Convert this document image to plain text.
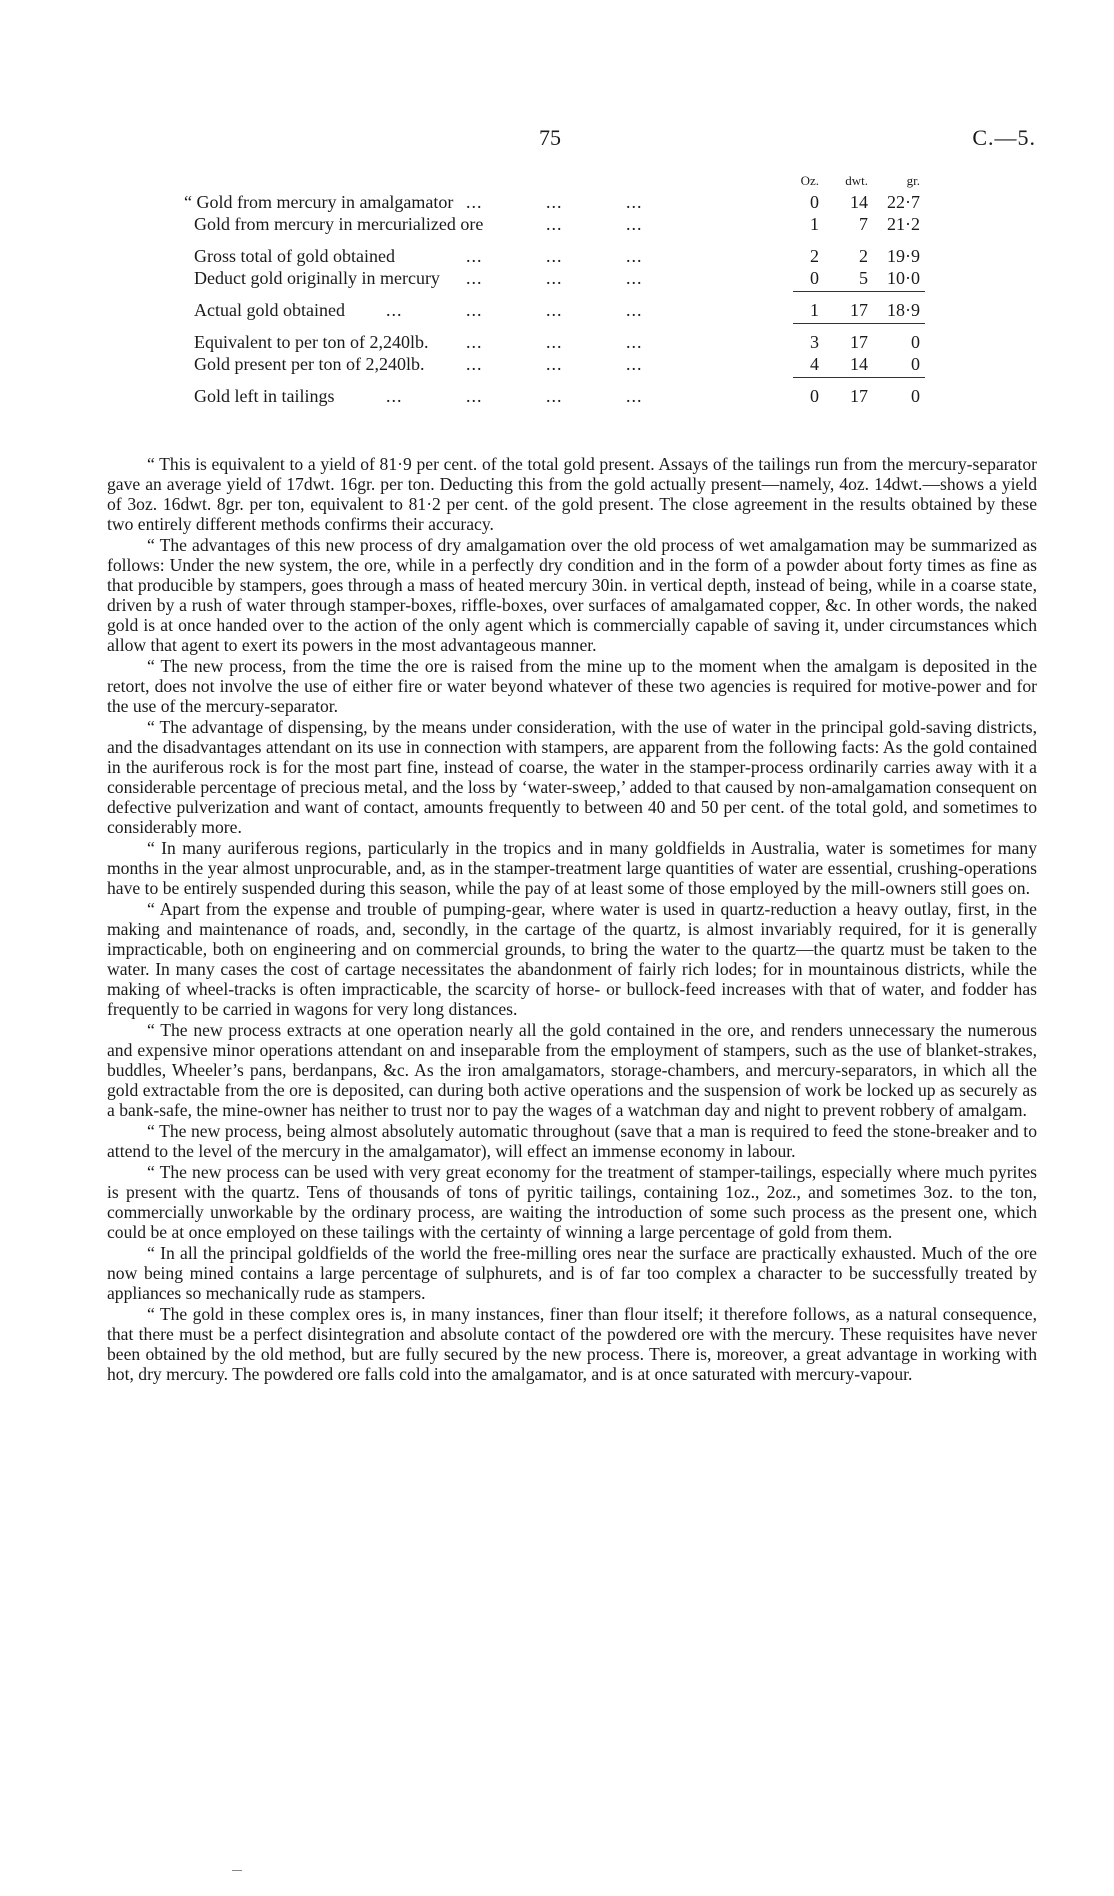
75	C.—5.
Oz.	dwt.	gr.
“ Gold from mercury in amalgamator ...	...	...	0	14	22·7
Gold from mercury in mercurialized ore	...	...	1	7	21·2
Gross total of gold obtained	...	...	...	2	2	19·9
Deduct gold originally in mercury ...	...	...	0	5	10·0
Actual gold obtained ...	...	...	...	1	17	18·9
Equivalent to per ton of 2,240lb. ...	...	...	3	17	0
Gold present per ton of 2,240lb. ...	...	...	4	14	0
Gold left in tailings	...	...	...	...	0	17	0

“ This is equivalent to a yield of 81·9 per cent. of the total gold present. Assays of the tailings run from the mercury-separator gave an average yield of 17dwt. 16gr. per ton. Deducting this from the gold actually present—namely, 4oz. 14dwt.—shows a yield of 3oz. 16dwt. 8gr. per ton, equivalent to 81·2 per cent. of the gold present. The close agreement in the results obtained by these two entirely different methods confirms their accuracy.

“ The advantages of this new process of dry amalgamation over the old process of wet amalgamation may be summarized as follows: Under the new system, the ore, while in a perfectly dry condition and in the form of a powder about forty times as fine as that producible by stampers, goes through a mass of heated mercury 30in. in vertical depth, instead of being, while in a coarse state, driven by a rush of water through stamper-boxes, riffle-boxes, over surfaces of amalgamated copper, &c. In other words, the naked gold is at once handed over to the action of the only agent which is commercially capable of saving it, under circumstances which allow that agent to exert its powers in the most advantageous manner.

“ The new process, from the time the ore is raised from the mine up to the moment when the amalgam is deposited in the retort, does not involve the use of either fire or water beyond whatever of these two agencies is required for motive-power and for the use of the mercury-separator.

“ The advantage of dispensing, by the means under consideration, with the use of water in the principal gold-saving districts, and the disadvantages attendant on its use in connection with stampers, are apparent from the following facts: As the gold contained in the auriferous rock is for the most part fine, instead of coarse, the water in the stamper-process ordinarily carries away with it a considerable percentage of precious metal, and the loss by ‘water-sweep,’ added to that caused by non-amalgamation consequent on defective pulverization and want of contact, amounts frequently to between 40 and 50 per cent. of the total gold, and sometimes to considerably more.

“ In many auriferous regions, particularly in the tropics and in many goldfields in Australia, water is sometimes for many months in the year almost unprocurable, and, as in the stamper-treatment large quantities of water are essential, crushing-operations have to be entirely suspended during this season, while the pay of at least some of those employed by the mill-owners still goes on.

“ Apart from the expense and trouble of pumping-gear, where water is used in quartz-reduction a heavy outlay, first, in the making and maintenance of roads, and, secondly, in the cartage of the quartz, is almost invariably required, for it is generally impracticable, both on engineering and on commercial grounds, to bring the water to the quartz—the quartz must be taken to the water. In many cases the cost of cartage necessitates the abandonment of fairly rich lodes; for in mountainous districts, while the making of wheel-tracks is often impracticable, the scarcity of horse- or bullock-feed increases with that of water, and fodder has frequently to be carried in wagons for very long distances.

“ The new process extracts at one operation nearly all the gold contained in the ore, and renders unnecessary the numerous and expensive minor operations attendant on and inseparable from the employment of stampers, such as the use of blanket-strakes, buddles, Wheeler’s pans, berdanpans, &c. As the iron amalgamators, storage-chambers, and mercury-separators, in which all the gold extractable from the ore is deposited, can during both active operations and the suspension of work be locked up as securely as a bank-safe, the mine-owner has neither to trust nor to pay the wages of a watchman day and night to prevent robbery of amalgam.

“ The new process, being almost absolutely automatic throughout (save that a man is required to feed the stone-breaker and to attend to the level of the mercury in the amalgamator), will effect an immense economy in labour.

“ The new process can be used with very great economy for the treatment of stamper-tailings, especially where much pyrites is present with the quartz. Tens of thousands of tons of pyritic tailings, containing 1oz., 2oz., and sometimes 3oz. to the ton, commercially unworkable by the ordinary process, are waiting the introduction of some such process as the present one, which could be at once employed on these tailings with the certainty of winning a large percentage of gold from them.

“ In all the principal goldfields of the world the free-milling ores near the surface are practically exhausted. Much of the ore now being mined contains a large percentage of sulphurets, and is of far too complex a character to be successfully treated by appliances so mechanically rude as stampers.

“ The gold in these complex ores is, in many instances, finer than flour itself; it therefore follows, as a natural consequence, that there must be a perfect disintegration and absolute contact of the powdered ore with the mercury. These requisites have never been obtained by the old method, but are fully secured by the new process. There is, moreover, a great advantage in working with hot, dry mercury. The powdered ore falls cold into the amalgamator, and is at once saturated with mercury-vapour.
